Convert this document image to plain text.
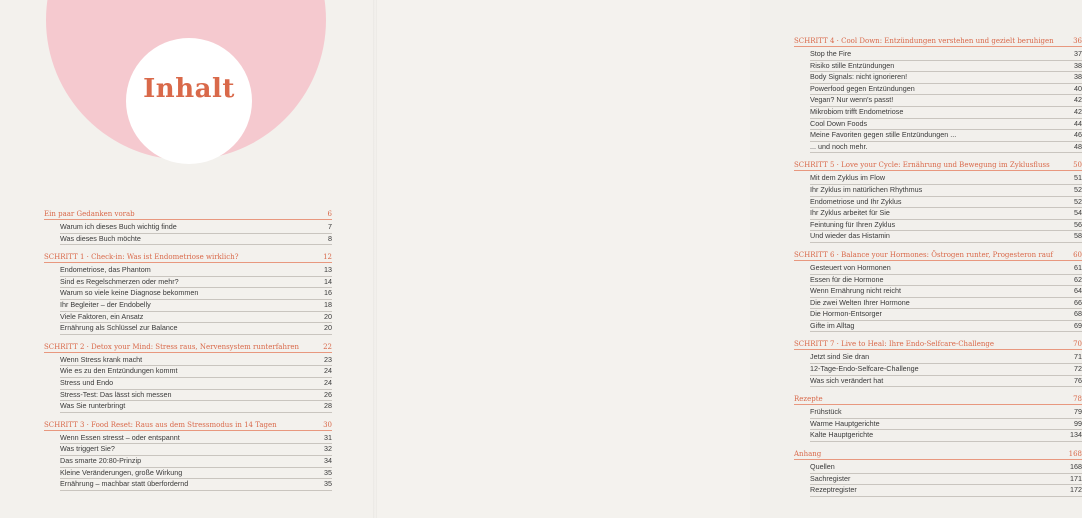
Inhalt
Ein paar Gedanken vorab	6
Warum ich dieses Buch wichtig finde	7
Was dieses Buch möchte	8
SCHRITT 1 · Check-in: Was ist Endometriose wirklich?	12
Endometriose, das Phantom	13
Sind es Regelschmerzen oder mehr?	14
Warum so viele keine Diagnose bekommen	16
Ihr Begleiter – der Endobelly	18
Viele Faktoren, ein Ansatz	20
Ernährung als Schlüssel zur Balance	20
SCHRITT 2 · Detox your Mind: Stress raus, Nervensystem runterfahren	22
Wenn Stress krank macht	23
Wie es zu den Entzündungen kommt	24
Stress und Endo	24
Stress-Test: Das lässt sich messen	26
Was Sie runterbringt	28
SCHRITT 3 · Food Reset: Raus aus dem Stressmodus in 14 Tagen	30
Wenn Essen stresst – oder entspannt	31
Was triggert Sie?	32
Das smarte 20:80-Prinzip	34
Kleine Veränderungen, große Wirkung	35
Ernährung – machbar statt überfordernd	35
SCHRITT 4 · Cool Down: Entzündungen verstehen und gezielt beruhigen	36
Stop the Fire	37
Risiko stille Entzündungen	38
Body Signals: nicht ignorieren!	38
Powerfood gegen Entzündungen	40
Vegan? Nur wenn's passt!	42
Mikrobiom trifft Endometriose	42
Cool Down Foods	44
Meine Favoriten gegen stille Entzündungen ...	46
... und noch mehr.	48
SCHRITT 5 · Love your Cycle: Ernährung und Bewegung im Zyklusfluss	50
Mit dem Zyklus im Flow	51
Ihr Zyklus im natürlichen Rhythmus	52
Endometriose und Ihr Zyklus	52
Ihr Zyklus arbeitet für Sie	54
Feintuning für Ihren Zyklus	56
Und wieder das Histamin	58
SCHRITT 6 · Balance your Hormones: Östrogen runter, Progesteron rauf	60
Gesteuert von Hormonen	61
Essen für die Hormone	62
Wenn Ernährung nicht reicht	64
Die zwei Welten Ihrer Hormone	66
Die Hormon-Entsorger	68
Gifte im Alltag	69
SCHRITT 7 · Live to Heal: Ihre Endo-Selfcare-Challenge	70
Jetzt sind Sie dran	71
12-Tage-Endo-Selfcare-Challenge	72
Was sich verändert hat	76
Rezepte	78
Frühstück	79
Warme Hauptgerichte	99
Kalte Hauptgerichte	134
Anhang	168
Quellen	168
Sachregister	171
Rezeptregister	172
